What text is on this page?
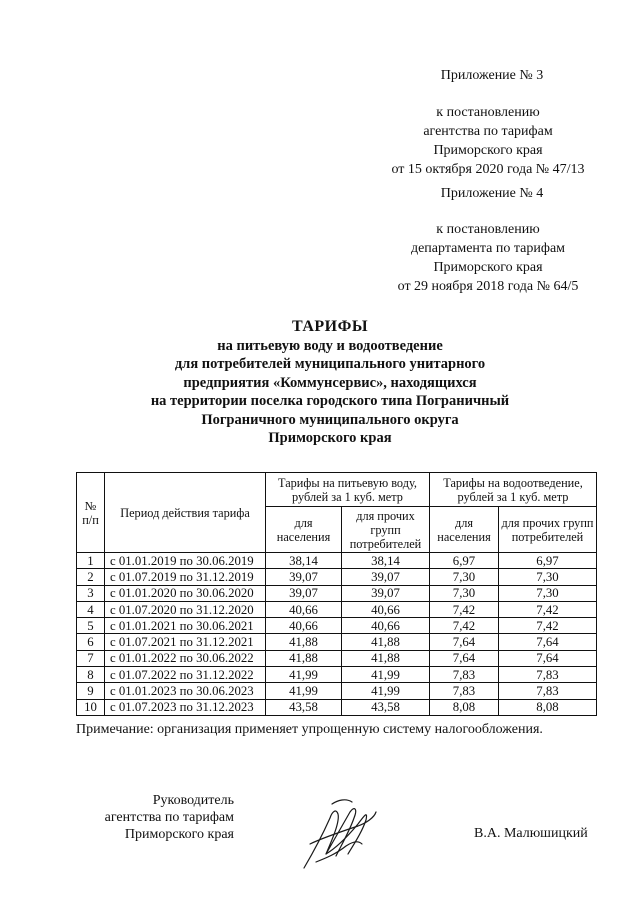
Приложение № 3
к постановлению
агентства по тарифам
Приморского края
от 15 октября 2020 года № 47/13
Приложение № 4
к постановлению
департамента по тарифам
Приморского края
от 29 ноября 2018 года № 64/5
ТАРИФЫ
на питьевую воду и водоотведение
для потребителей муниципального унитарного
предприятия «Коммунсервис», находящихся
на территории поселка городского типа Пограничный
Пограничного муниципального округа
Приморского края
№ п/п	Период действия тарифа	Тарифы на питьевую воду, рублей за 1 куб. метр		Тарифы на водоотведение, рублей за 1 куб. метр	
		для населения	для прочих групп потребителей	для населения	для прочих групп потребителей
1	с 01.01.2019 по 30.06.2019	38,14	38,14	6,97	6,97
2	с 01.07.2019 по 31.12.2019	39,07	39,07	7,30	7,30
3	с 01.01.2020 по 30.06.2020	39,07	39,07	7,30	7,30
4	с 01.07.2020 по 31.12.2020	40,66	40,66	7,42	7,42
5	с 01.01.2021 по 30.06.2021	40,66	40,66	7,42	7,42
6	с 01.07.2021 по 31.12.2021	41,88	41,88	7,64	7,64
7	с 01.01.2022 по 30.06.2022	41,88	41,88	7,64	7,64
8	с 01.07.2022 по 31.12.2022	41,99	41,99	7,83	7,83
9	с 01.01.2023 по 30.06.2023	41,99	41,99	7,83	7,83
10	с 01.07.2023 по 31.12.2023	43,58	43,58	8,08	8,08
Примечание: организация применяет упрощенную систему налогообложения.
Руководитель
агентства по тарифам
Приморского края	В.А. Малюшицкий
